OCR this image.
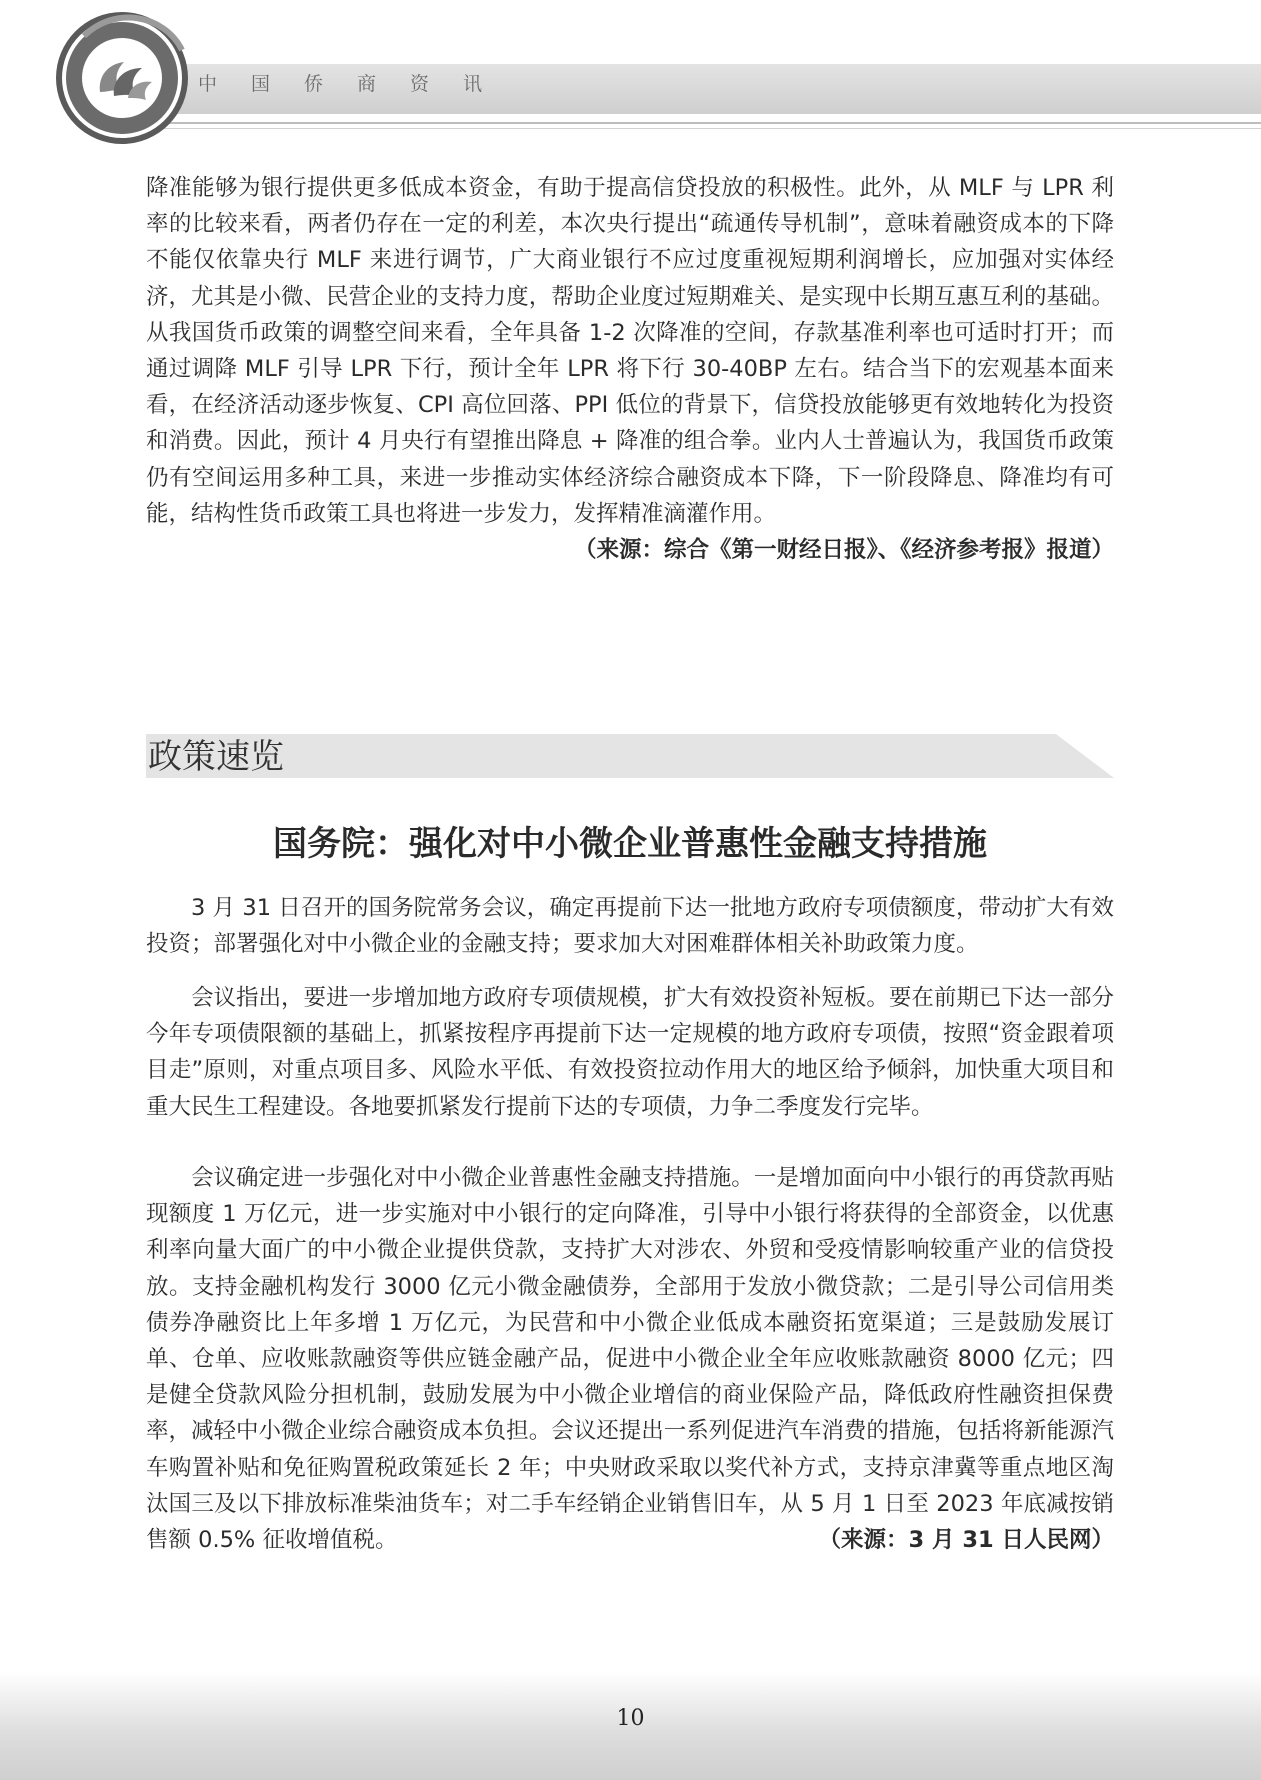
中国侨商资讯

降准能够为银行提供更多低成本资金，有助于提高信贷投放的积极性。此外，从 MLF 与 LPR 利率的比较来看，两者仍存在一定的利差，本次央行提出“疏通传导机制”，意味着融资成本的下降不能仅依靠央行 MLF 来进行调节，广大商业银行不应过度重视短期利润增长，应加强对实体经济，尤其是小微、民营企业的支持力度，帮助企业度过短期难关、是实现中长期互惠互利的基础。从我国货币政策的调整空间来看，全年具备 1-2 次降准的空间，存款基准利率也可适时打开；而通过调降 MLF 引导 LPR 下行，预计全年 LPR 将下行 30-40BP 左右。结合当下的宏观基本面来看，在经济活动逐步恢复、CPI 高位回落、PPI 低位的背景下，信贷投放能够更有效地转化为投资和消费。因此，预计 4 月央行有望推出降息 + 降准的组合拳。业内人士普遍认为，我国货币政策仍有空间运用多种工具，来进一步推动实体经济综合融资成本下降，下一阶段降息、降准均有可能，结构性货币政策工具也将进一步发力，发挥精准滴灌作用。
（来源：综合《第一财经日报》、《经济参考报》报道）

政策速览
国务院：强化对中小微企业普惠性金融支持措施

3 月 31 日召开的国务院常务会议，确定再提前下达一批地方政府专项债额度，带动扩大有效投资；部署强化对中小微企业的金融支持；要求加大对困难群体相关补助政策力度。

会议指出，要进一步增加地方政府专项债规模，扩大有效投资补短板。要在前期已下达一部分今年专项债限额的基础上，抓紧按程序再提前下达一定规模的地方政府专项债，按照“资金跟着项目走”原则，对重点项目多、风险水平低、有效投资拉动作用大的地区给予倾斜，加快重大项目和重大民生工程建设。各地要抓紧发行提前下达的专项债，力争二季度发行完毕。

会议确定进一步强化对中小微企业普惠性金融支持措施。一是增加面向中小银行的再贷款再贴现额度 1 万亿元，进一步实施对中小银行的定向降准，引导中小银行将获得的全部资金，以优惠利率向量大面广的中小微企业提供贷款，支持扩大对涉农、外贸和受疫情影响较重产业的信贷投放。支持金融机构发行 3000 亿元小微金融债券，全部用于发放小微贷款；二是引导公司信用类债券净融资比上年多增 1 万亿元，为民营和中小微企业低成本融资拓宽渠道；三是鼓励发展订单、仓单、应收账款融资等供应链金融产品，促进中小微企业全年应收账款融资 8000 亿元；四是健全贷款风险分担机制，鼓励发展为中小微企业增信的商业保险产品，降低政府性融资担保费率，减轻中小微企业综合融资成本负担。会议还提出一系列促进汽车消费的措施，包括将新能源汽车购置补贴和免征购置税政策延长 2 年；中央财政采取以奖代补方式，支持京津冀等重点地区淘汰国三及以下排放标准柴油货车；对二手车经销企业销售旧车，从 5 月 1 日至 2023 年底减按销售额 0.5% 征收增值税。	（来源：3 月 31 日人民网）

10
